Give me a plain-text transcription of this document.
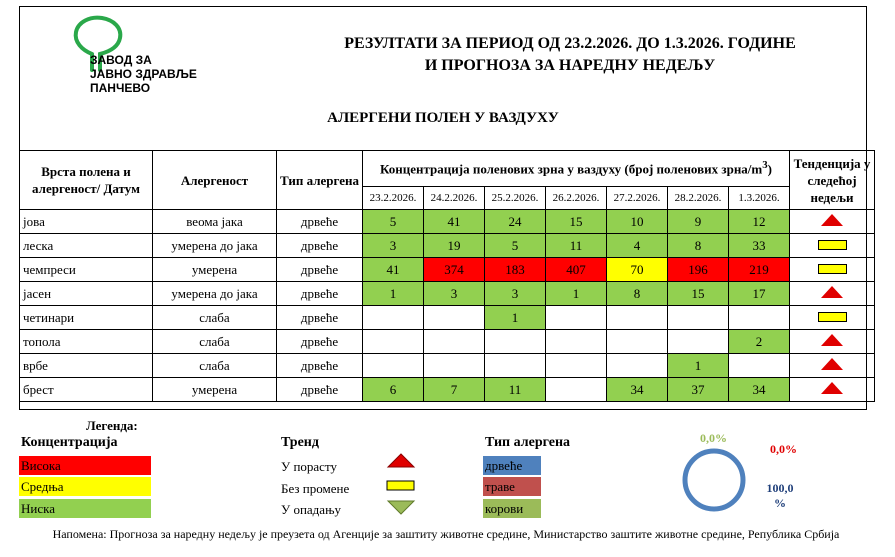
ЗАВОД ЗА
ЈАВНО ЗДРАВЉЕ
ПАНЧЕВО
РЕЗУЛТАТИ ЗА ПЕРИОД ОД 23.2.2026. ДО 1.3.2026. ГОДИНЕ
И ПРОГНОЗА ЗА НАРЕДНУ НЕДЕЉУ
АЛЕРГЕНИ ПОЛЕН У ВАЗДУХУ
Врста полена и алергеност/ Датум	Алергеност	Тип алергена	Концентрација поленових зрна у ваздуху (број поленових зрна/$m^3$)							Тенденција у следећој недељи
			23.2.2026.	24.2.2026.	25.2.2026.	26.2.2026.	27.2.2026.	28.2.2026.	1.3.2026.	
јова	веома јака	дрвеће	5	41	24	15	10	9	12	
леска	умерена до јака	дрвеће	3	19	5	11	4	8	33	
чемпреси	умерена	дрвеће	41	374	183	407	70	196	219	
јасен	умерена до јака	дрвеће	1	3	3	1	8	15	17	
четинари	слаба	дрвеће			1					
топола	слаба	дрвеће							2	
врбе	слаба	дрвеће						1		
брест	умерена	дрвеће	6	7	11		34	37	34	
Легенда:
Концентрација
Висока
Средња
Ниска
Тренд
У порасту
Без промене
У опадању
Тип алергена
дрвеће
траве
корови
0,0%
0,0%
100,0
%
Напомена: Прогноза за наредну недељу је преузета од Агенције за заштиту животне средине, Министарство заштите животне средине, Република Србија
